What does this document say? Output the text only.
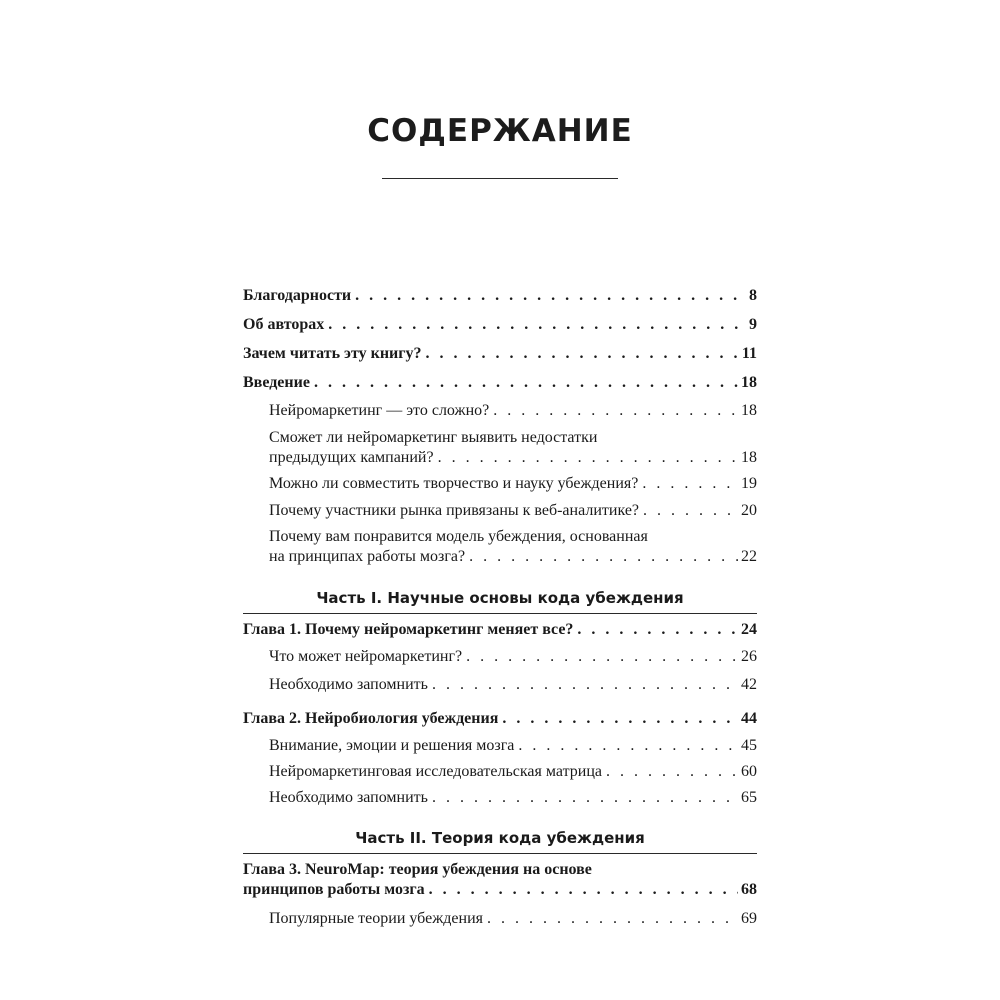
СОДЕРЖАНИЕ
Благодарности . . .	8
Об авторах . . .	9
Зачем читать эту книгу? . . .	11
Введение . . .	18
Нейромаркетинг — это сложно? . . .	18
Сможет ли нейромаркетинг выявить недостатки
предыдущих кампаний? . . .	18
Можно ли совместить творчество и науку убеждения? . . .	19
Почему участники рынка привязаны к веб-аналитике? . . .	20
Почему вам понравится модель убеждения, основанная
на принципах работы мозга? . . .	22
Часть I. Научные основы кода убеждения
Глава 1. Почему нейромаркетинг меняет все? . . .	24
Что может нейромаркетинг? . . .	26
Необходимо запомнить . . .	42
Глава 2. Нейробиология убеждения . . .	44
Внимание, эмоции и решения мозга . . .	45
Нейромаркетинговая исследовательская матрица . . .	60
Необходимо запомнить . . .	65
Часть II. Теория кода убеждения
Глава 3. NeuroMap: теория убеждения на основе
принципов работы мозга . . .	68
Популярные теории убеждения . . .	69
